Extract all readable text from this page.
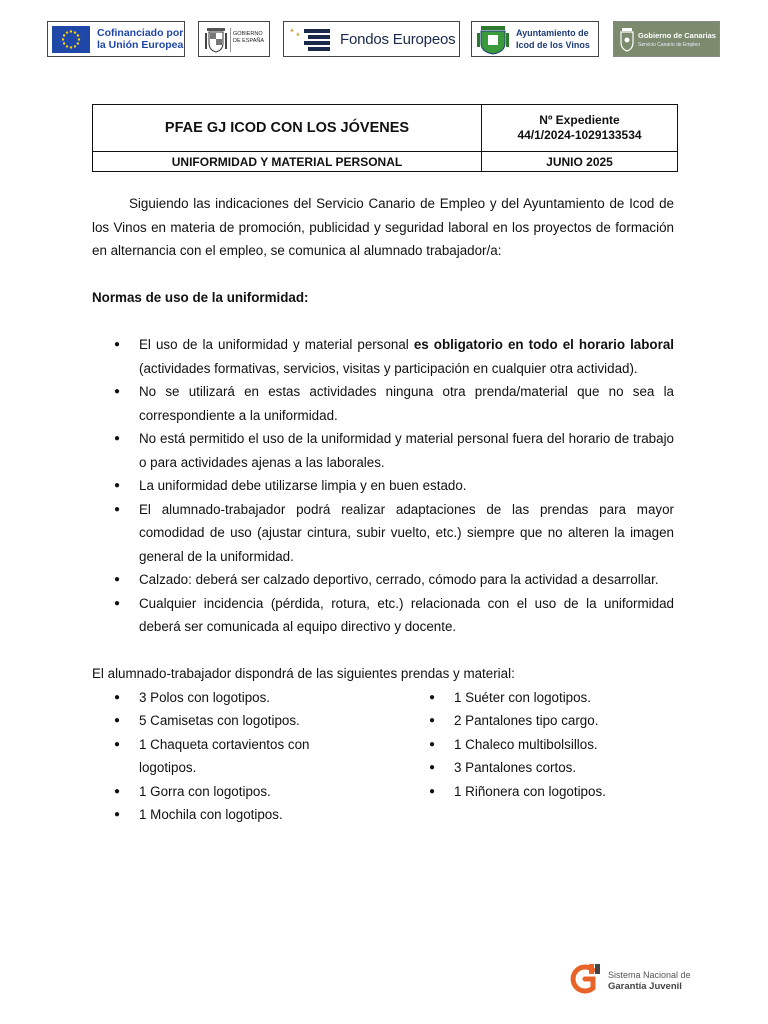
Cofinanciado por
la Unión Europea
GOBIERNO
DE ESPAÑA	Fondos Europeos	Ayuntamiento de
Icod de los Vinos
Gobierno de Canarias
Servicio Canario de Empleo
PFAE GJ ICOD CON LOS JÓVENES	Nº Expediente
44/1/2024-1029133534

UNIFORMIDAD Y MATERIAL PERSONAL	JUNIO 2025

Siguiendo las indicaciones del Servicio Canario de Empleo y del Ayuntamiento de Icod de los Vinos en materia de promoción, publicidad y seguridad laboral en los proyectos de formación en alternancia con el empleo, se comunica al alumnado trabajador/a:

Normas de uso de la uniformidad:

● El uso de la uniformidad y material personal es obligatorio en todo el horario laboral (actividades formativas, servicios, visitas y participación en cualquier otra actividad).
● No se utilizará en estas actividades ninguna otra prenda/material que no sea la correspondiente a la uniformidad.
● No está permitido el uso de la uniformidad y material personal fuera del horario de trabajo o para actividades ajenas a las laborales.
● La uniformidad debe utilizarse limpia y en buen estado.
● El alumnado-trabajador podrá realizar adaptaciones de las prendas para mayor comodidad de uso (ajustar cintura, subir vuelto, etc.) siempre que no alteren la imagen general de la uniformidad.
● Calzado: deberá ser calzado deportivo, cerrado, cómodo para la actividad a desarrollar.
● Cualquier incidencia (pérdida, rotura, etc.) relacionada con el uso de la uniformidad deberá ser comunicada al equipo directivo y docente.

El alumnado-trabajador dispondrá de las siguientes prendas y material:

● 3 Polos con logotipos.
● 5 Camisetas con logotipos.
● 1 Chaqueta cortavientos con logotipos.
● 1 Gorra con logotipos.
● 1 Mochila con logotipos.
● 1 Suéter con logotipos.
● 2 Pantalones tipo cargo.
● 1 Chaleco multibolsillos.
● 3 Pantalones cortos.
● 1 Riñonera con logotipos.
Sistema Nacional de
Garantía Juvenil
